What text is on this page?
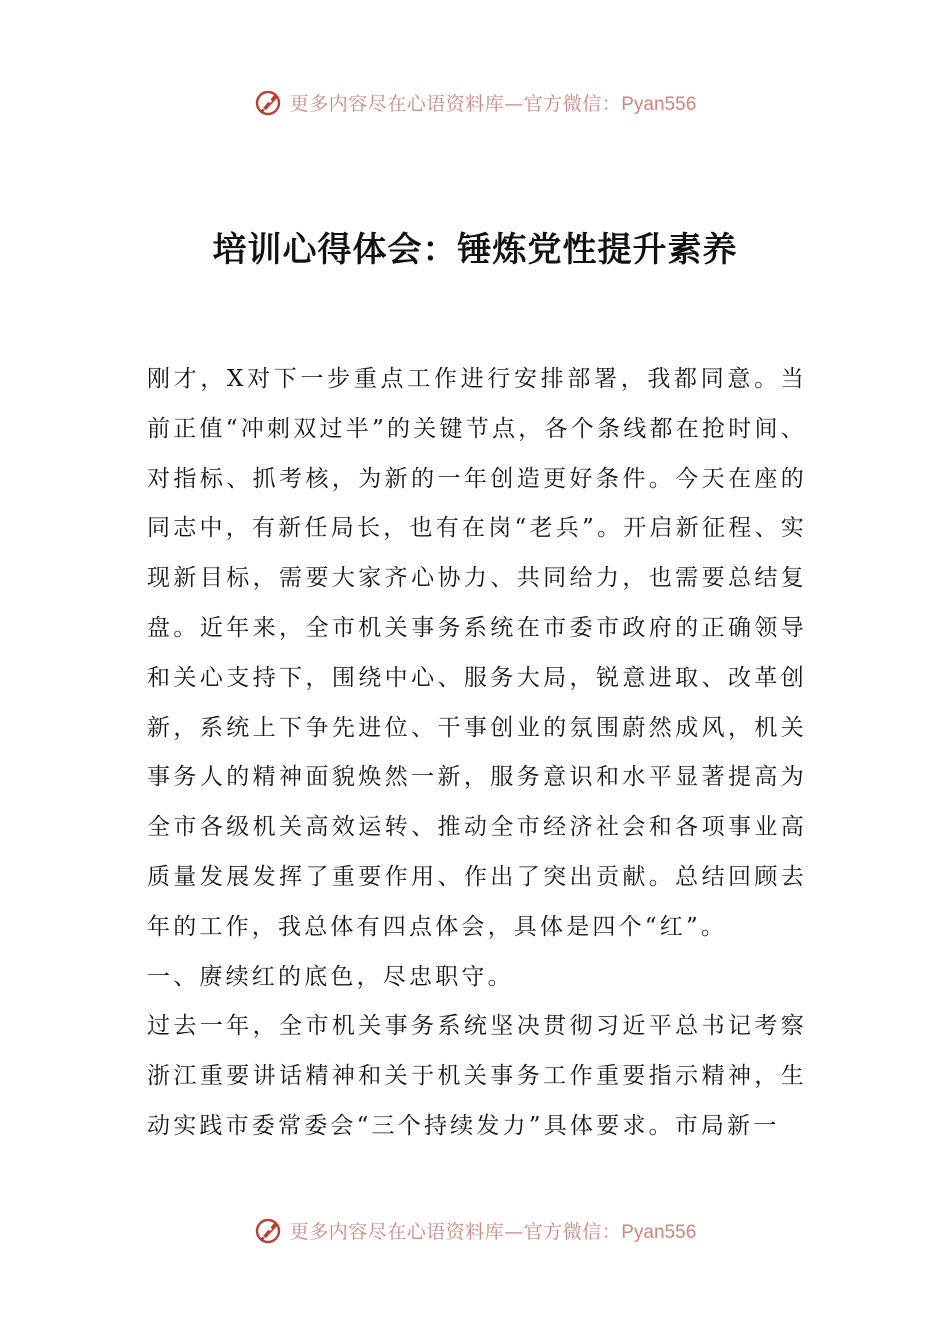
更多内容尽在心语资料库—官方微信：Pyan556
培训心得体会：锤炼党性提升素养

刚才，X对下一步重点工作进行安排部署，我都同意。当前正值“冲刺双过半”的关键节点，各个条线都在抢时间、对指标、抓考核，为新的一年创造更好条件。今天在座的同志中，有新任局长，也有在岗“老兵”。开启新征程、实现新目标，需要大家齐心协力、共同给力，也需要总结复盘。近年来，全市机关事务系统在市委市政府的正确领导和关心支持下，围绕中心、服务大局，锐意进取、改革创新，系统上下争先进位、干事创业的氛围蔚然成风，机关事务人的精神面貌焕然一新，服务意识和水平显著提高为全市各级机关高效运转、推动全市经济社会和各项事业高质量发展发挥了重要作用、作出了突出贡献。总结回顾去年的工作，我总体有四点体会，具体是四个“红”。

一、赓续红的底色，尽忠职守。

过去一年，全市机关事务系统坚决贯彻习近平总书记考察浙江重要讲话精神和关于机关事务工作重要指示精神，生动实践市委常委会“三个持续发力”具体要求。市局新一

更多内容尽在心语资料库—官方微信：Pyan556
